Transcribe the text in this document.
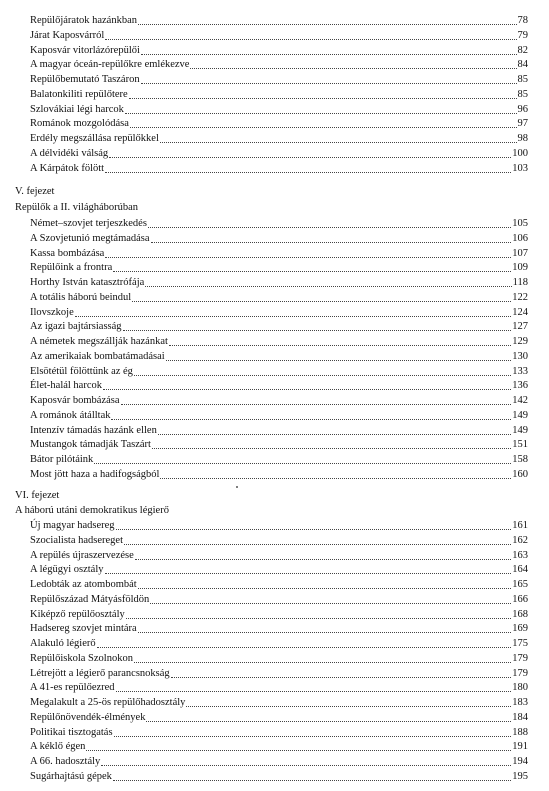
Repülőjáratok hazánkban	78
Járat Kaposvárról	79
Kaposvár vitorlázórepülői	82
A magyar óceán-repülőkre emlékezve	84
Repülőbemutató Taszáron	85
Balatonkiliti repülőtere	85
Szlovákiai légi harcok	96
Románok mozgolódása	97
Erdély megszállása repülőkkel	98
A délvidéki válság	100
A Kárpátok fölött	103
V. fejezet
Repülők a II. világháborúban
Német–szovjet terjeszkedés	105
A Szovjetunió megtámadása	106
Kassa bombázása	107
Repülőink a frontra	109
Horthy István katasztrófája	118
A totális háború beindul	122
Ilovszkoje	124
Az igazi bajtársiasság	127
A németek megszállják hazánkat	129
Az amerikaiak bombatámadásai	130
Elsötétül fölöttünk az ég	133
Élet-halál harcok	136
Kaposvár bombázása	142
A románok átálltak	149
Intenzív támadás hazánk ellen	149
Mustangok támadják Taszárt	151
Bátor pilótáink	158
Most jött haza a hadifogságból	160
VI. fejezet
A háború utáni demokratikus légierő
Új magyar hadsereg	161
Szocialista hadsereget	162
A repülés újraszervezése	163
A légügyi osztály	164
Ledobták az atombombát	165
Repülőszázad Mátyásföldön	166
Kiképző repülőosztály	168
Hadsereg szovjet mintára	169
Alakuló légierő	175
Repülőiskola Szolnokon	179
Létrejött a légierő parancsnokság	179
A 41-es repülőezred	180
Megalakult a 25-ös repülőhadosztály	183
Repülőnövendék-élmények	184
Politikai tisztogatás	188
A kéklő égen	191
A 66. hadosztály	194
Sugárhajtású gépek	195
